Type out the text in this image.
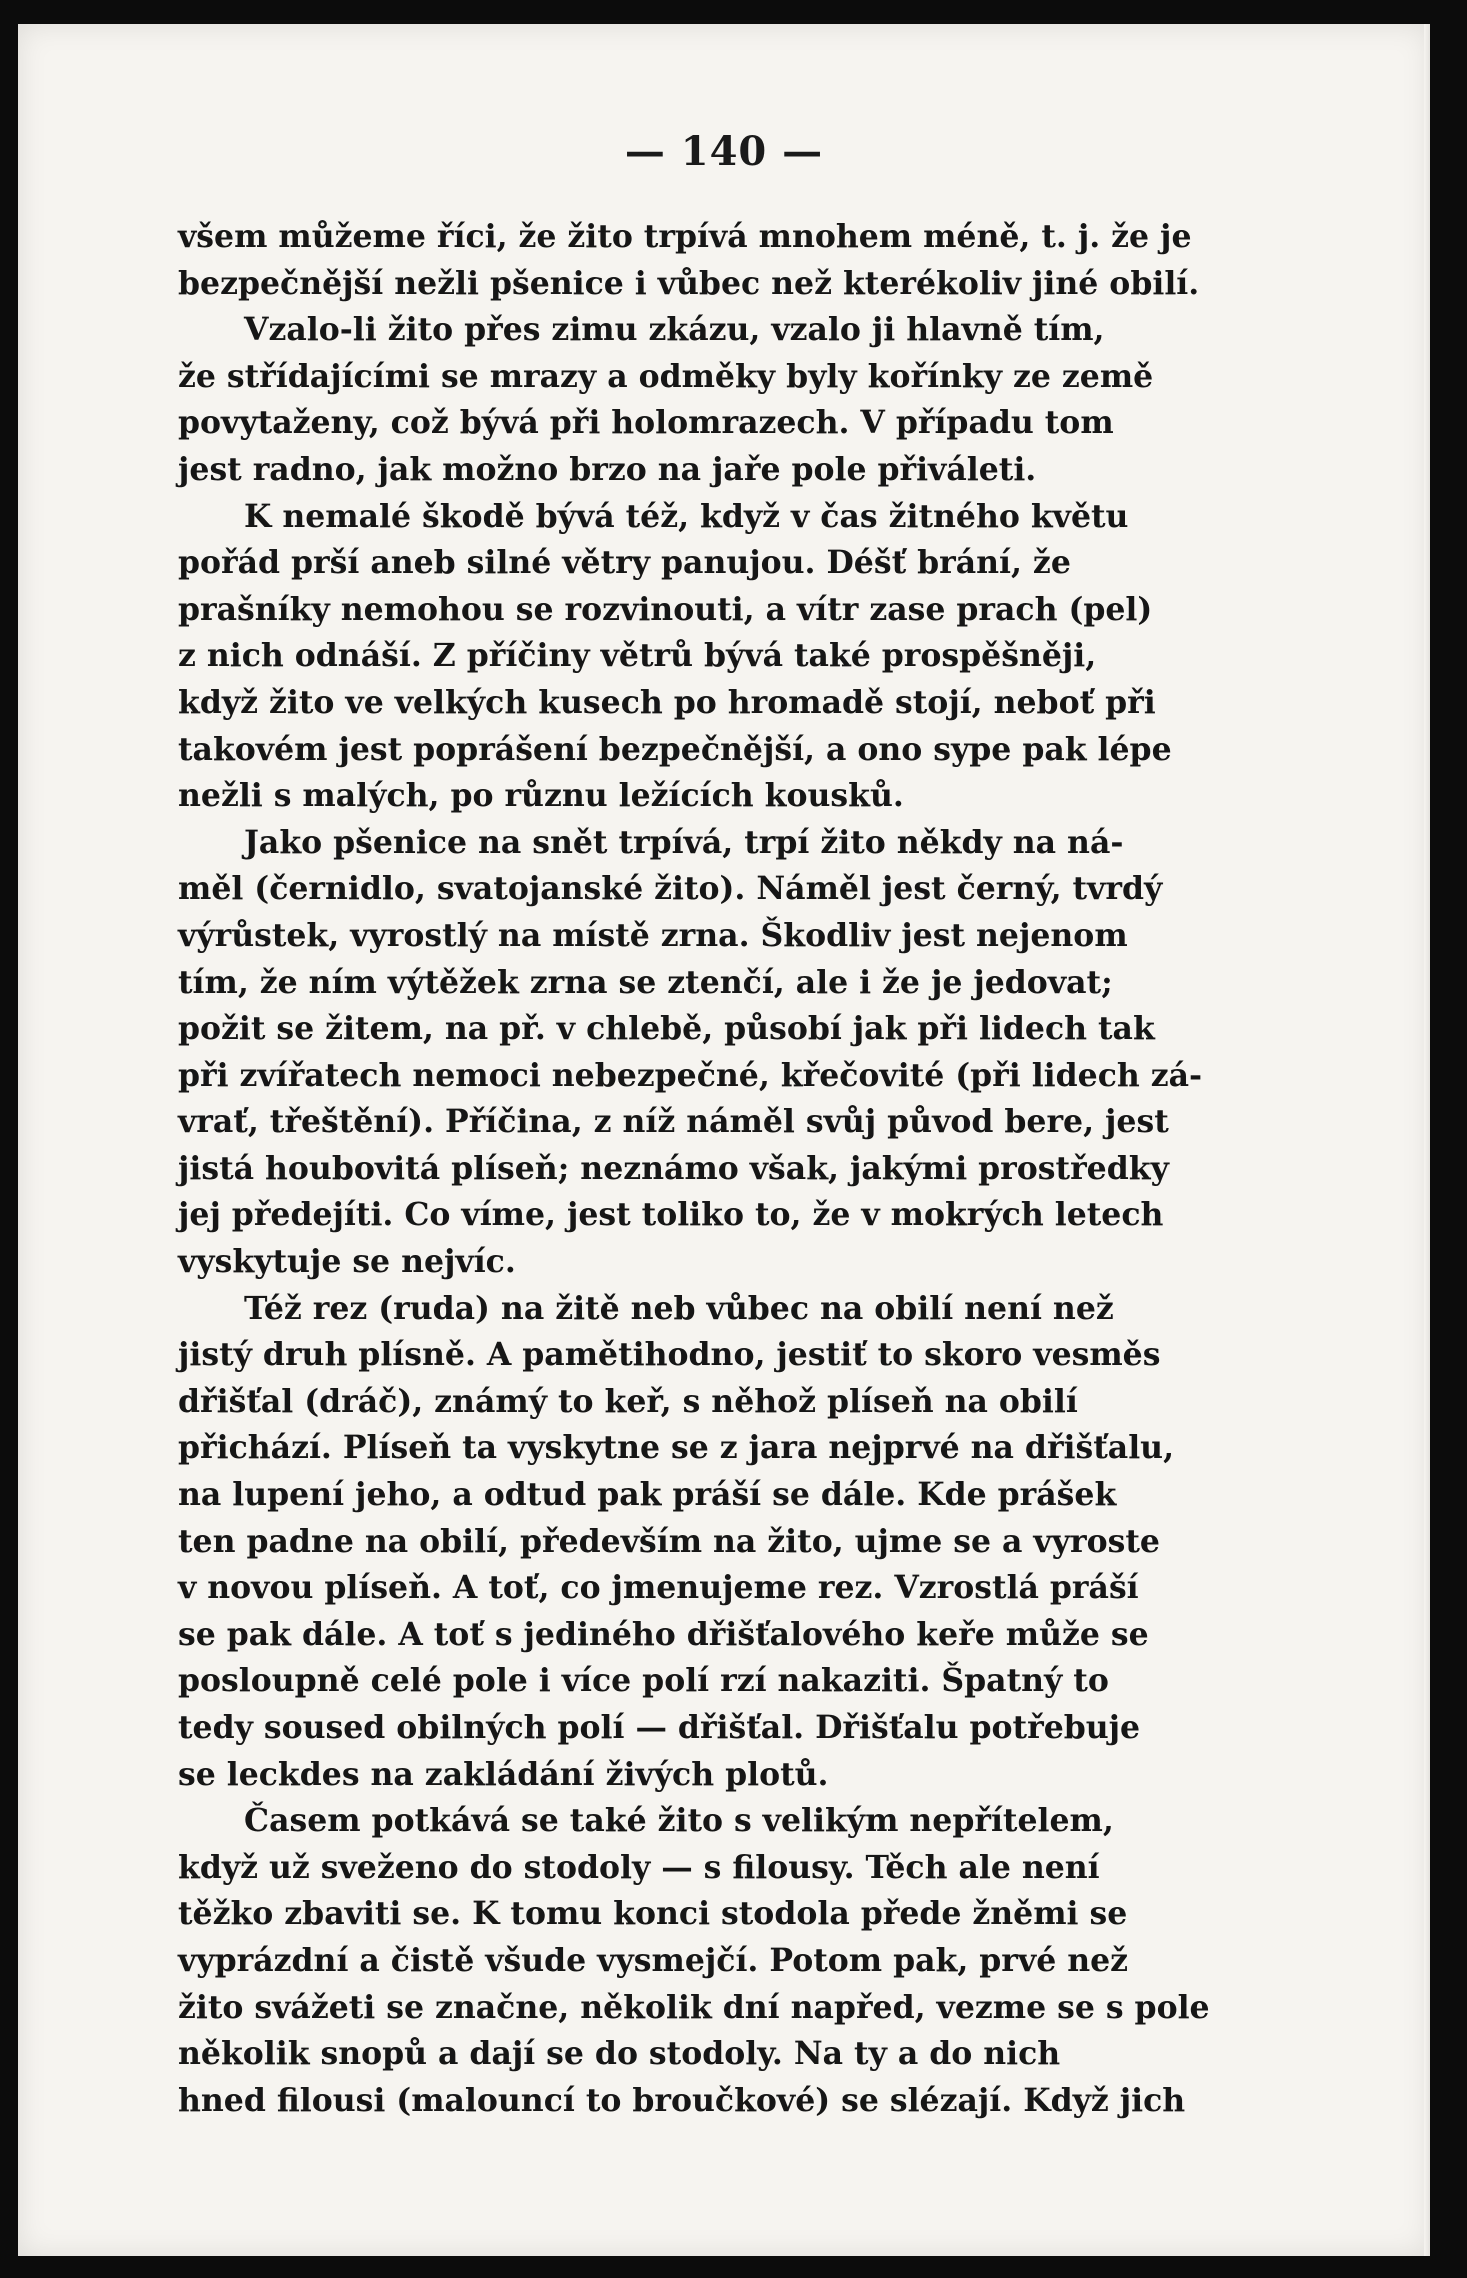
— 140 —
všem můžeme říci, že žito trpívá mnohem méně, t. j. že je
bezpečnější nežli pšenice i vůbec než kterékoliv jiné obilí.
Vzalo-li žito přes zimu zkázu, vzalo ji hlavně tím,
že střídajícími se mrazy a odměky byly kořínky ze země
povytaženy, což bývá při holomrazech. V případu tom
jest radno, jak možno brzo na jaře pole přiváleti.
K nemalé škodě bývá též, když v čas žitného květu
pořád prší aneb silné větry panujou. Déšť brání, že
prašníky nemohou se rozvinouti, a vítr zase prach (pel)
z nich odnáší. Z příčiny větrů bývá také prospěšněji,
když žito ve velkých kusech po hromadě stojí, neboť při
takovém jest poprášení bezpečnější, a ono sype pak lépe
nežli s malých, po různu ležících kousků.
Jako pšenice na snět trpívá, trpí žito někdy na ná-
měl (černidlo, svatojanské žito). Náměl jest černý, tvrdý
výrůstek, vyrostlý na místě zrna. Škodliv jest nejenom
tím, že ním výtěžek zrna se ztenčí, ale i že je jedovat;
požit se žitem, na př. v chlebě, působí jak při lidech tak
při zvířatech nemoci nebezpečné, křečovité (při lidech zá-
vrať, třeštění). Příčina, z níž náměl svůj původ bere, jest
jistá houbovitá plíseň; neznámo však, jakými prostředky
jej předejíti. Co víme, jest toliko to, že v mokrých letech
vyskytuje se nejvíc.
Též rez (ruda) na žitě neb vůbec na obilí není než
jistý druh plísně. A pamětihodno, jestiť to skoro vesměs
dřišťal (dráč), známý to keř, s něhož plíseň na obilí
přichází. Plíseň ta vyskytne se z jara nejprvé na dřišťalu,
na lupení jeho, a odtud pak práší se dále. Kde prášek
ten padne na obilí, především na žito, ujme se a vyroste
v novou plíseň. A toť, co jmenujeme rez. Vzrostlá práší
se pak dále. A toť s jediného dřišťalového keře může se
posloupně celé pole i více polí rzí nakaziti. Špatný to
tedy soused obilných polí — dřišťal. Dřišťalu potřebuje
se leckdes na zakládání živých plotů.
Časem potkává se také žito s velikým nepřítelem,
když už sveženo do stodoly — s filousy. Těch ale není
těžko zbaviti se. K tomu konci stodola přede žněmi se
vyprázdní a čistě všude vysmejčí. Potom pak, prvé než
žito svážeti se značne, několik dní napřed, vezme se s pole
několik snopů a dají se do stodoly. Na ty a do nich
hned filousi (malouncí to broučkové) se slézají. Když jich
